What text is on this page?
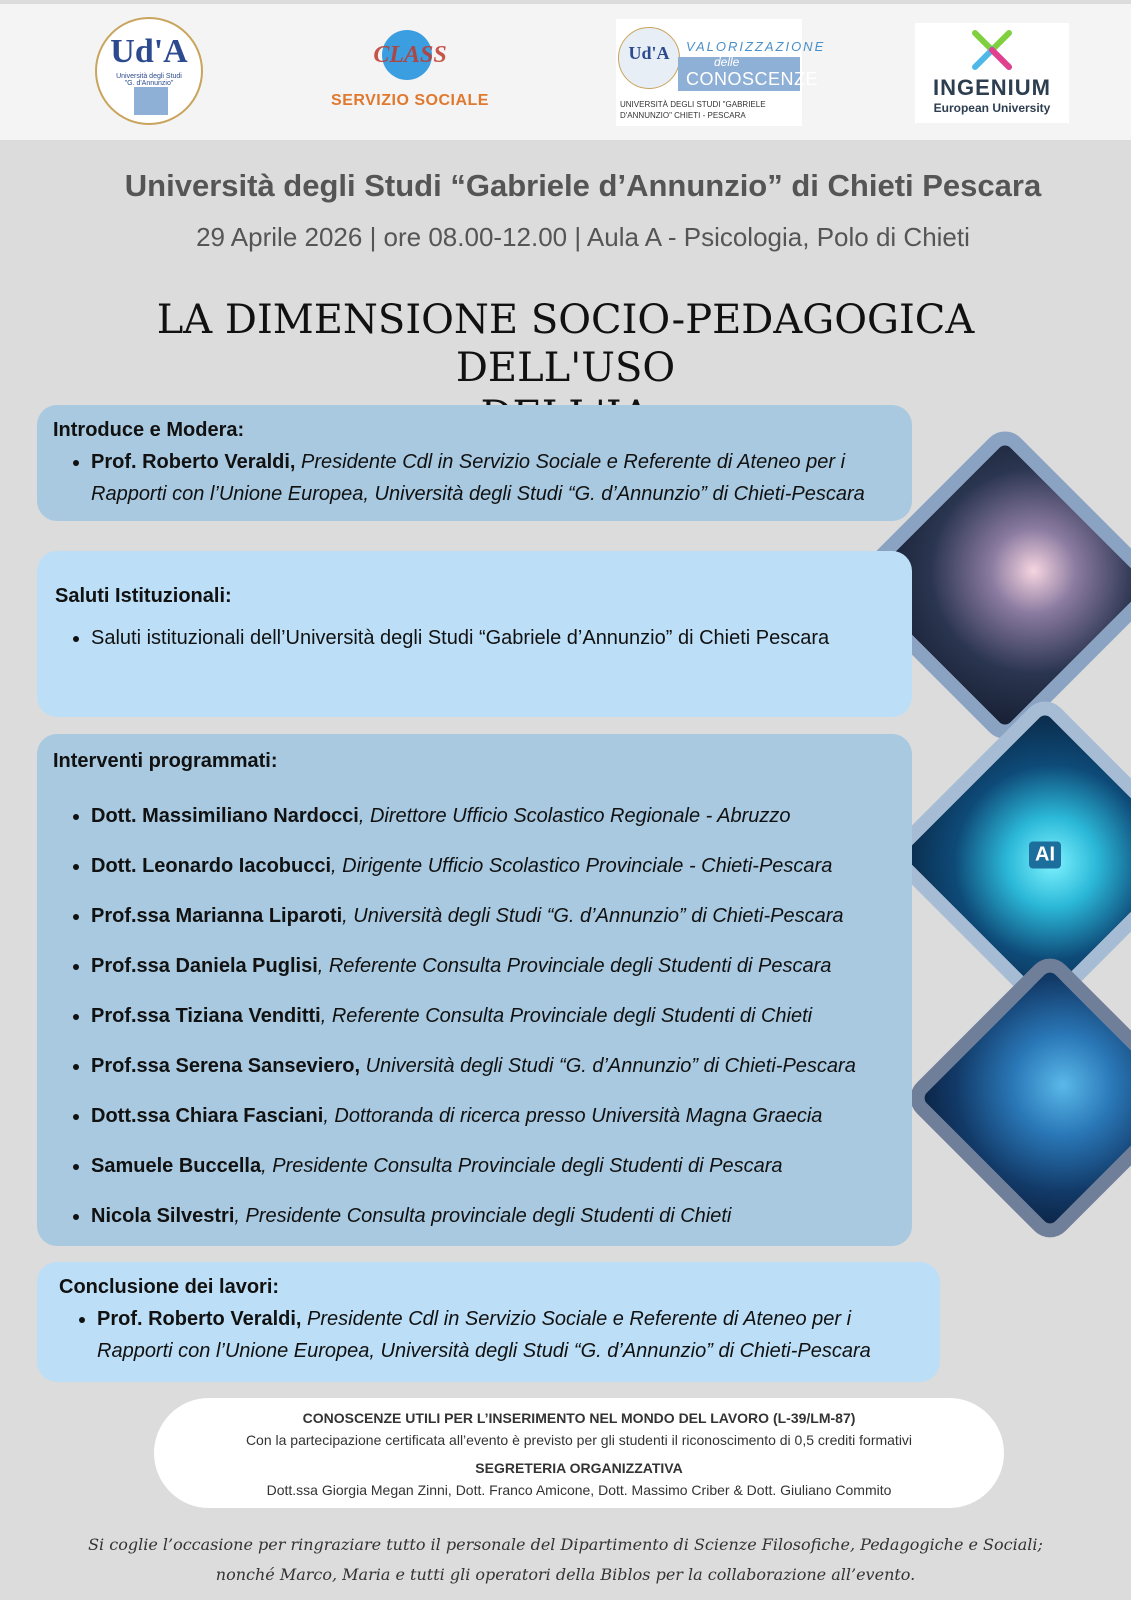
Ud'A
Università degli Studi "G. d'Annunzio"
CLASS
SERVIZIO SOCIALE
Ud'A	VALORIZZAZIONE
delle
CONOSCENZE
UNIVERSITÀ DEGLI STUDI "GABRIELE D'ANNUNZIO" CHIETI - PESCARA
INGENIUM
European University
Università degli Studi “Gabriele d’Annunzio” di Chieti Pescara
29 Aprile 2026 | ore 08.00-12.00 | Aula A - Psicologia, Polo di Chieti
LA DIMENSIONE SOCIO-PEDAGOGICA DELL'USO
AI
Introduce e Modera:
• Prof. Roberto Veraldi, Presidente Cdl in Servizio Sociale e Referente di Ateneo per i Rapporti con l’Unione Europea, Università degli Studi “G. d’Annunzio” di Chieti-Pescara
Saluti Istituzionali:
• Saluti istituzionali dell’Università degli Studi “Gabriele d’Annunzio” di Chieti Pescara
Interventi programmati:
• Dott. Massimiliano Nardocci, Direttore Ufficio Scolastico Regionale - Abruzzo
• Dott. Leonardo Iacobucci, Dirigente Ufficio Scolastico Provinciale - Chieti-Pescara
• Prof.ssa Marianna Liparoti, Università degli Studi “G. d’Annunzio” di Chieti-Pescara
• Prof.ssa Daniela Puglisi, Referente Consulta Provinciale degli Studenti di Pescara
• Prof.ssa Tiziana Venditti, Referente Consulta Provinciale degli Studenti di Chieti
• Prof.ssa Serena Sanseviero, Università degli Studi “G. d’Annunzio” di Chieti-Pescara
• Dott.ssa Chiara Fasciani, Dottoranda di ricerca presso Università Magna Graecia
• Samuele Buccella, Presidente Consulta Provinciale degli Studenti di Pescara
• Nicola Silvestri, Presidente Consulta provinciale degli Studenti di Chieti
Conclusione dei lavori:
• Prof. Roberto Veraldi, Presidente Cdl in Servizio Sociale e Referente di Ateneo per i Rapporti con l’Unione Europea, Università degli Studi “G. d’Annunzio” di Chieti-Pescara
CONOSCENZE UTILI PER L’INSERIMENTO NEL MONDO DEL LAVORO (L-39/LM-87)
Con la partecipazione certificata all’evento è previsto per gli studenti il riconoscimento di 0,5 crediti formativi
SEGRETERIA ORGANIZZATIVA
Dott.ssa Giorgia Megan Zinni, Dott. Franco Amicone, Dott. Massimo Criber & Dott. Giuliano Commito
Si coglie l’occasione per ringraziare tutto il personale del Dipartimento di Scienze Filosofiche, Pedagogiche e Sociali;
nonché Marco, Maria e tutti gli operatori della Biblos per la collaborazione all’evento.
